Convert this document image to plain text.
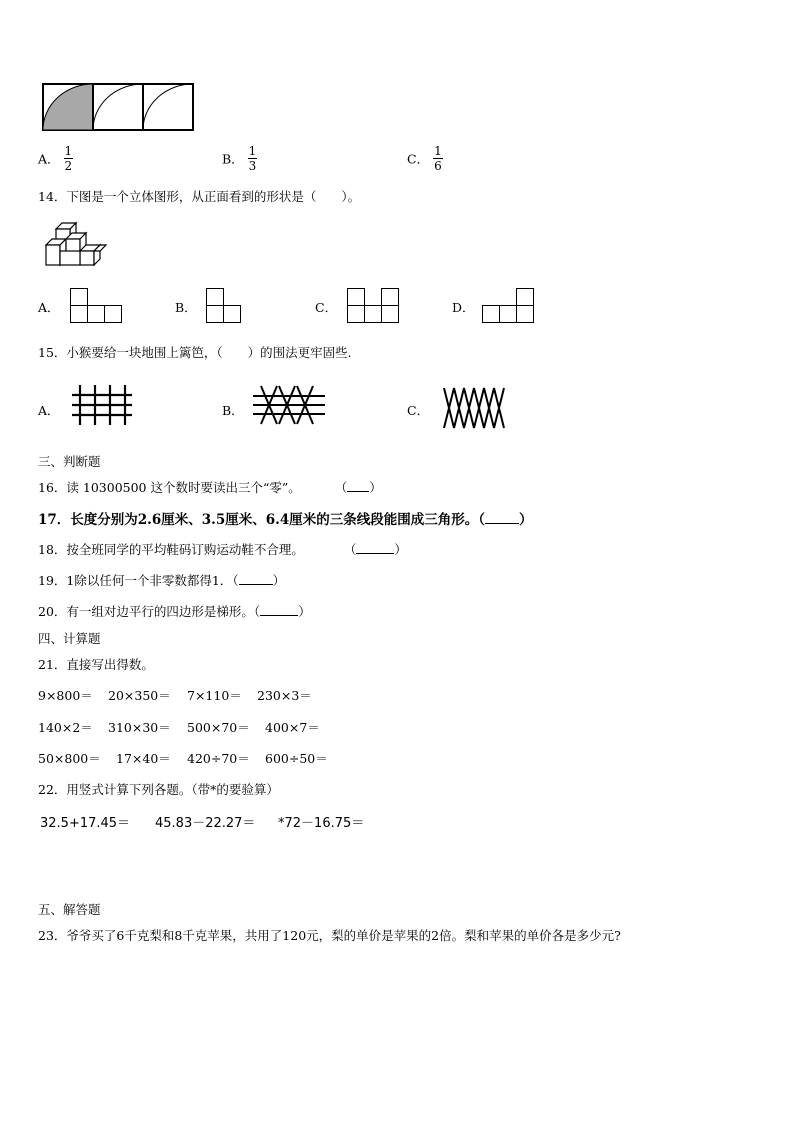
A． $\frac{1}{2}$	B． $\frac{1}{3}$	C． $\frac{1}{6}$
14．下图是一个立体图形，从正面看到的形状是（　　）。
A．	B．	C．	D．
15．小猴要给一块地围上篱笆，（　　）的围法更牢固些.
A．	B．	C．
三、判断题
16．读 10300500 这个数时要读出三个“零”。	（ ）
17．长度分别为2.6厘米、3.5厘米、6.4厘米的三条线段能围成三角形。（	）
18．按全班同学的平均鞋码订购运动鞋不合理。	（	）
19．1除以任何一个非零数都得1．（	）
20．有一组对边平行的四边形是梯形。（	）
四、计算题
21．直接写出得数。
9×800＝ 20×350＝ 7×110＝ 230×3＝
140×2＝ 310×30＝ 500×70＝ 400×7＝
50×800＝ 17×40＝ 420÷70＝ 600÷50＝
22．用竖式计算下列各题。（带*的要验算）
32.5+17.45＝ 45.83－22.27＝ *72－16.75＝
五、解答题
23．爷爷买了6千克梨和8千克苹果，共用了120元，梨的单价是苹果的2倍。梨和苹果的单价各是多少元?
